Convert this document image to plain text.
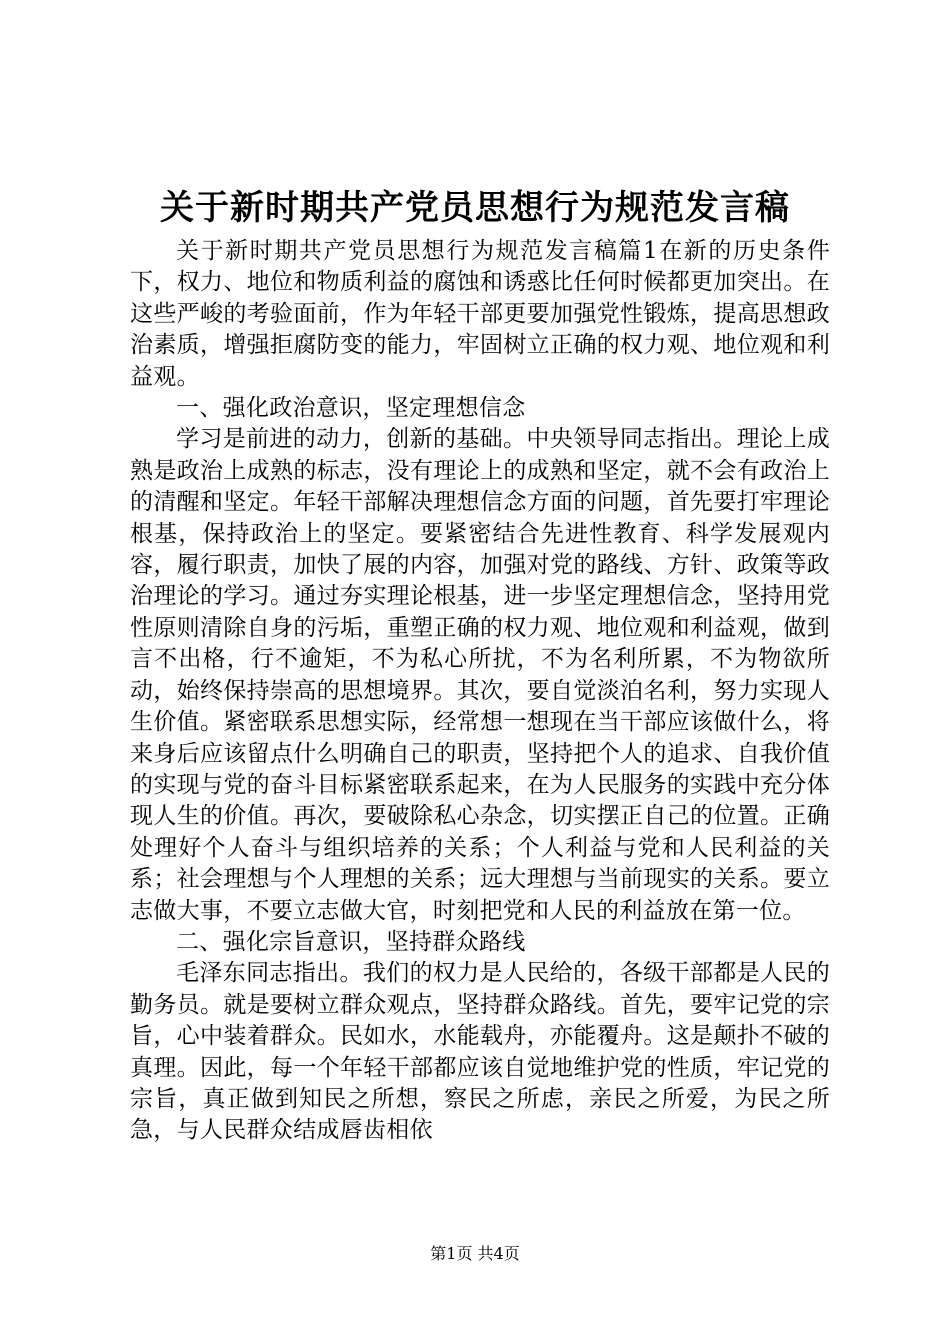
关于新时期共产党员思想行为规范发言稿

关于新时期共产党员思想行为规范发言稿篇1在新的历史条件下，权力、地位和物质利益的腐蚀和诱惑比任何时候都更加突出。在这些严峻的考验面前，作为年轻干部更要加强党性锻炼，提高思想政治素质，增强拒腐防变的能力，牢固树立正确的权力观、地位观和利益观。

一、强化政治意识，坚定理想信念

学习是前进的动力，创新的基础。中央领导同志指出。理论上成熟是政治上成熟的标志，没有理论上的成熟和坚定，就不会有政治上的清醒和坚定。年轻干部解决理想信念方面的问题，首先要打牢理论根基，保持政治上的坚定。要紧密结合先进性教育、科学发展观内容，履行职责，加快了展的内容，加强对党的路线、方针、政策等政治理论的学习。通过夯实理论根基，进一步坚定理想信念，坚持用党性原则清除自身的污垢，重塑正确的权力观、地位观和利益观，做到言不出格，行不逾矩，不为私心所扰，不为名利所累，不为物欲所动，始终保持崇高的思想境界。其次，要自觉淡泊名利，努力实现人生价值。紧密联系思想实际，经常想一想现在当干部应该做什么，将来身后应该留点什么明确自己的职责，坚持把个人的追求、自我价值的实现与党的奋斗目标紧密联系起来，在为人民服务的实践中充分体现人生的价值。再次，要破除私心杂念，切实摆正自己的位置。正确处理好个人奋斗与组织培养的关系；个人利益与党和人民利益的关系；社会理想与个人理想的关系；远大理想与当前现实的关系。要立志做大事，不要立志做大官，时刻把党和人民的利益放在第一位。

二、强化宗旨意识，坚持群众路线

毛泽东同志指出。我们的权力是人民给的，各级干部都是人民的勤务员。就是要树立群众观点，坚持群众路线。首先，要牢记党的宗旨，心中装着群众。民如水，水能载舟，亦能覆舟。这是颠扑不破的真理。因此，每一个年轻干部都应该自觉地维护党的性质，牢记党的宗旨，真正做到知民之所想，察民之所虑，亲民之所爱，为民之所急，与人民群众结成唇齿相依

第1页 共4页
